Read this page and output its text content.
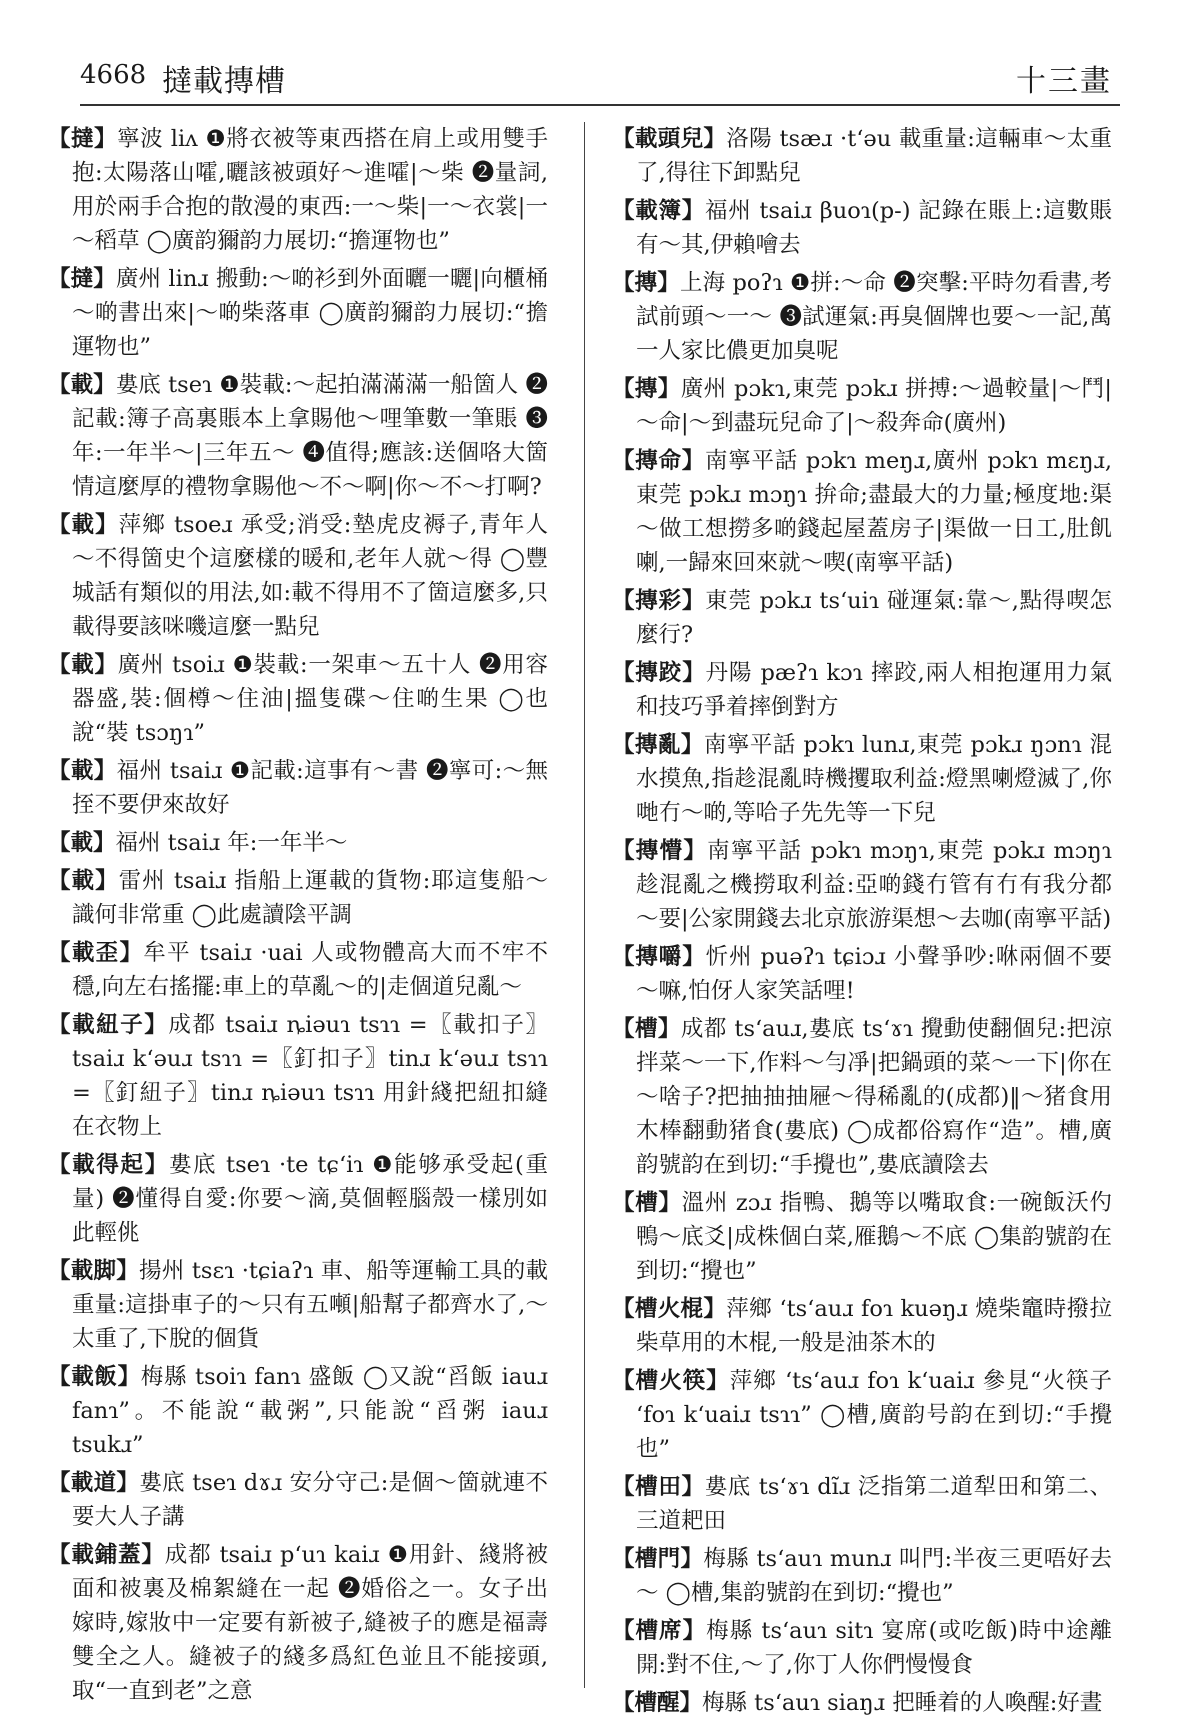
4668 撻載摶槽	十三畫

【撻】寧波 liʌ ❶將衣被等東西搭在肩上或用雙手抱:太陽落山嚯,曬該被頭好～進嚯|～柴 ❷量詞,用於兩手合抱的散漫的東西:一～柴|一～衣裳|一～稻草 ◯廣韵獮韵力展切:“擔運物也”

【撻】廣州 linɹ 搬動:～啲衫到外面曬一曬|向櫃桶～啲書出來|～啲柴落車 ◯廣韵獮韵力展切:“擔運物也”

【載】婁底 tseɿ ❶裝載:～起拍滿滿滿一船箇人 ❷記載:簿子高裏賬本上拿賜他～哩筆數一筆賬 ❸年:一年半～|三年五～ ❹值得;應該:送個咯大箇情這麼厚的禮物拿賜他～不～啊|你～不～打啊?

【載】萍鄉 tsoeɹ 承受;消受:墊虎皮褥子,青年人～不得箇史个這麼樣的暖和,老年人就～得 ◯豐城話有類似的用法,如:載不得用不了箇這麼多,只載得要該咪嘰這麼一點兒

【載】廣州 tsoiɹ ❶裝載:一架車～五十人 ❷用容器盛,裝:個樽～住油|搵隻碟～住啲生果 ◯也說“裝 tsɔŋɿ”

【載】福州 tsaiɹ ❶記載:這事有～書 ❷寧可:～無挃不要伊來故好

【載】福州 tsaiɹ 年:一年半～

【載】雷州 tsaiɹ 指船上運載的貨物:耶這隻船～識何非常重 ◯此處讀陰平調

【載歪】牟平 tsaiɹ ·uai 人或物體高大而不牢不穩,向左右搖擺:車上的草亂～的|走個道兒亂～

【載紐子】成都 tsaiɹ ȵiəuɿ tsɿɿ =〖載扣子〗tsaiɹ kʻəuɹ tsɿɿ =〖釘扣子〗tinɹ kʻəuɹ tsɿɿ =〖釘紐子〗tinɹ ȵiəuɿ tsɿɿ 用針綫把紐扣縫在衣物上

【載得起】婁底 tseɿ ·te tɕʻiɿ ❶能够承受起(重量) ❷懂得自愛:你要～滴,莫個輕腦殼一樣別如此輕佻

【載脚】揚州 tsɛɿ ·tɕiaʔɿ 車、船等運輸工具的載重量:這掛車子的～只有五噸|船幫子都齊水了,～太重了,下脫的個貨

【載飯】梅縣 tsoiɿ fanɿ 盛飯 ◯又說“舀飯 iauɹ fanɿ”。不能說“載粥”,只能說“舀粥 iauɹ tsukɹ”

【載道】婁底 tseɿ dɤɹ 安分守己:是個～箇就連不要大人子講

【載鋪蓋】成都 tsaiɹ pʻuɿ kaiɹ ❶用針、綫將被面和被裏及棉絮縫在一起 ❷婚俗之一。女子出嫁時,嫁妝中一定要有新被子,縫被子的應是福壽雙全之人。縫被子的綫多爲紅色並且不能接頭,取“一直到老”之意

【載頭兒】洛陽 tsæɹ ·tʻəu 載重量:這輛車～太重了,得往下卸點兒

【載簿】福州 tsaiɹ βuoɿ(p-) 記錄在賬上:這數賬有～其,伊賴噲去

【摶】上海 poʔɿ ❶拼:～命 ❷突擊:平時勿看書,考試前頭～一～ ❸試運氣:再臭個牌也要～一記,萬一人家比儂更加臭呢

【摶】廣州 pɔkɿ,東莞 pɔkɹ 拼搏:～過較量|～鬥|～命|～到盡玩兒命了|～殺奔命(廣州)

【摶命】南寧平話 pɔkɿ meŋɹ,廣州 pɔkɿ mɛŋɹ,東莞 pɔkɹ mɔŋɿ 拚命;盡最大的力量;極度地:渠～做工想撈多啲錢起屋蓋房子|渠做一日工,肚飢喇,一歸來回來就～喫(南寧平話)

【摶彩】東莞 pɔkɹ tsʻuiɿ 碰運氣:靠～,點得喫怎麼行?

【摶跤】丹陽 pæʔɿ kɔɿ 摔跤,兩人相抱運用力氣和技巧爭着摔倒對方

【摶亂】南寧平話 pɔkɿ lunɹ,東莞 pɔkɹ ŋɔnɿ 混水摸魚,指趁混亂時機攫取利益:燈黑喇燈滅了,你哋冇～啲,等哈子先先等一下兒

【摶懵】南寧平話 pɔkɿ mɔŋɿ,東莞 pɔkɹ mɔŋɿ 趁混亂之機撈取利益:亞啲錢冇管有冇有我分都～要|公家開錢去北京旅游渠想～去咖(南寧平話)

【摶嚼】忻州 puəʔɿ tɕiɔɹ 小聲爭吵:咻兩個不要～嘛,怕伢人家笑話哩!

【槽】成都 tsʻauɹ,婁底 tsʻɤɿ 攪動使翻個兒:把涼拌菜～一下,作料～勻凈|把鍋頭的菜～一下|你在～啥子?把抽抽抽屜～得稀亂的(成都)‖～猪食用木棒翻動猪食(婁底) ◯成都俗寫作“造”。槽,廣韵號韵在到切:“手攪也”,婁底讀陰去

【槽】溫州 zɔɹ 指鴨、鵝等以嘴取食:一碗飯沃仢鴨～底爻|成株個白菜,雁鵝～不底 ◯集韵號韵在到切:“攪也”

【槽火棍】萍鄉 ʻtsʻauɹ foɿ kuəŋɹ 燒柴竈時撥拉柴草用的木棍,一般是油茶木的

【槽火筷】萍鄉 ʻtsʻauɹ foɿ kʻuaiɹ 參見“火筷子 ʻfoɿ kʻuaiɹ tsɿɿ” ◯槽,廣韵号韵在到切:“手攪也”

【槽田】婁底 tsʻɤɿ dĩɹ 泛指第二道犁田和第二、三道耙田

【槽門】梅縣 tsʻauɿ munɹ 叫門:半夜三更唔好去～ ◯槽,集韵號韵在到切:“攪也”

【槽席】梅縣 tsʻauɿ sitɿ 宴席(或吃飯)時中途離開:對不住,～了,你丁人你們慢慢食

【槽醒】梅縣 tsʻauɿ siaŋɹ 把睡着的人喚醒:好晝
